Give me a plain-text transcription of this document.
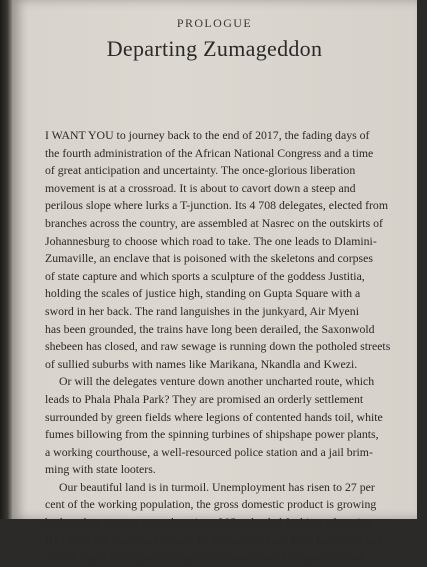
PROLOGUE
Departing Zumageddon
I WANT YOU to journey back to the end of 2017, the fading days of
the fourth administration of the African National Congress and a time
of great anticipation and uncertainty. The once-glorious liberation
movement is at a crossroad. It is about to cavort down a steep and
perilous slope where lurks a T-junction. Its 4 708 delegates, elected from
branches across the country, are assembled at Nasrec on the outskirts of
Johannesburg to choose which road to take. The one leads to Dlamini-
Zumaville, an enclave that is poisoned with the skeletons and corpses
of state capture and which sports a sculpture of the goddess Justitia,
holding the scales of justice high, standing on Gupta Square with a
sword in her back. The rand languishes in the junkyard, Air Myeni
has been grounded, the trains have long been derailed, the Saxonwold
shebeen has closed, and raw sewage is running down the potholed streets
of sullied suburbs with names like Marikana, Nkandla and Kwezi.
Or will the delegates venture down another uncharted route, which
leads to Phala Phala Park? They are promised an orderly settlement
surrounded by green fields where legions of contented hands toil, white
fumes billowing from the spinning turbines of shipshape power plants,
a working courthouse, a well-resourced police station and a jail brim-
ming with state looters.
Our beautiful land is in turmoil. Unemployment has risen to 27 per
cent of the working population, the gross domestic product is growing
by less than two per cent, the price of 95 unleaded fuel is a whopping
R14.49 at the coast, and almost 19 000 people have been butchered and
37 000 raped in the previous year. The state-owned companies have
